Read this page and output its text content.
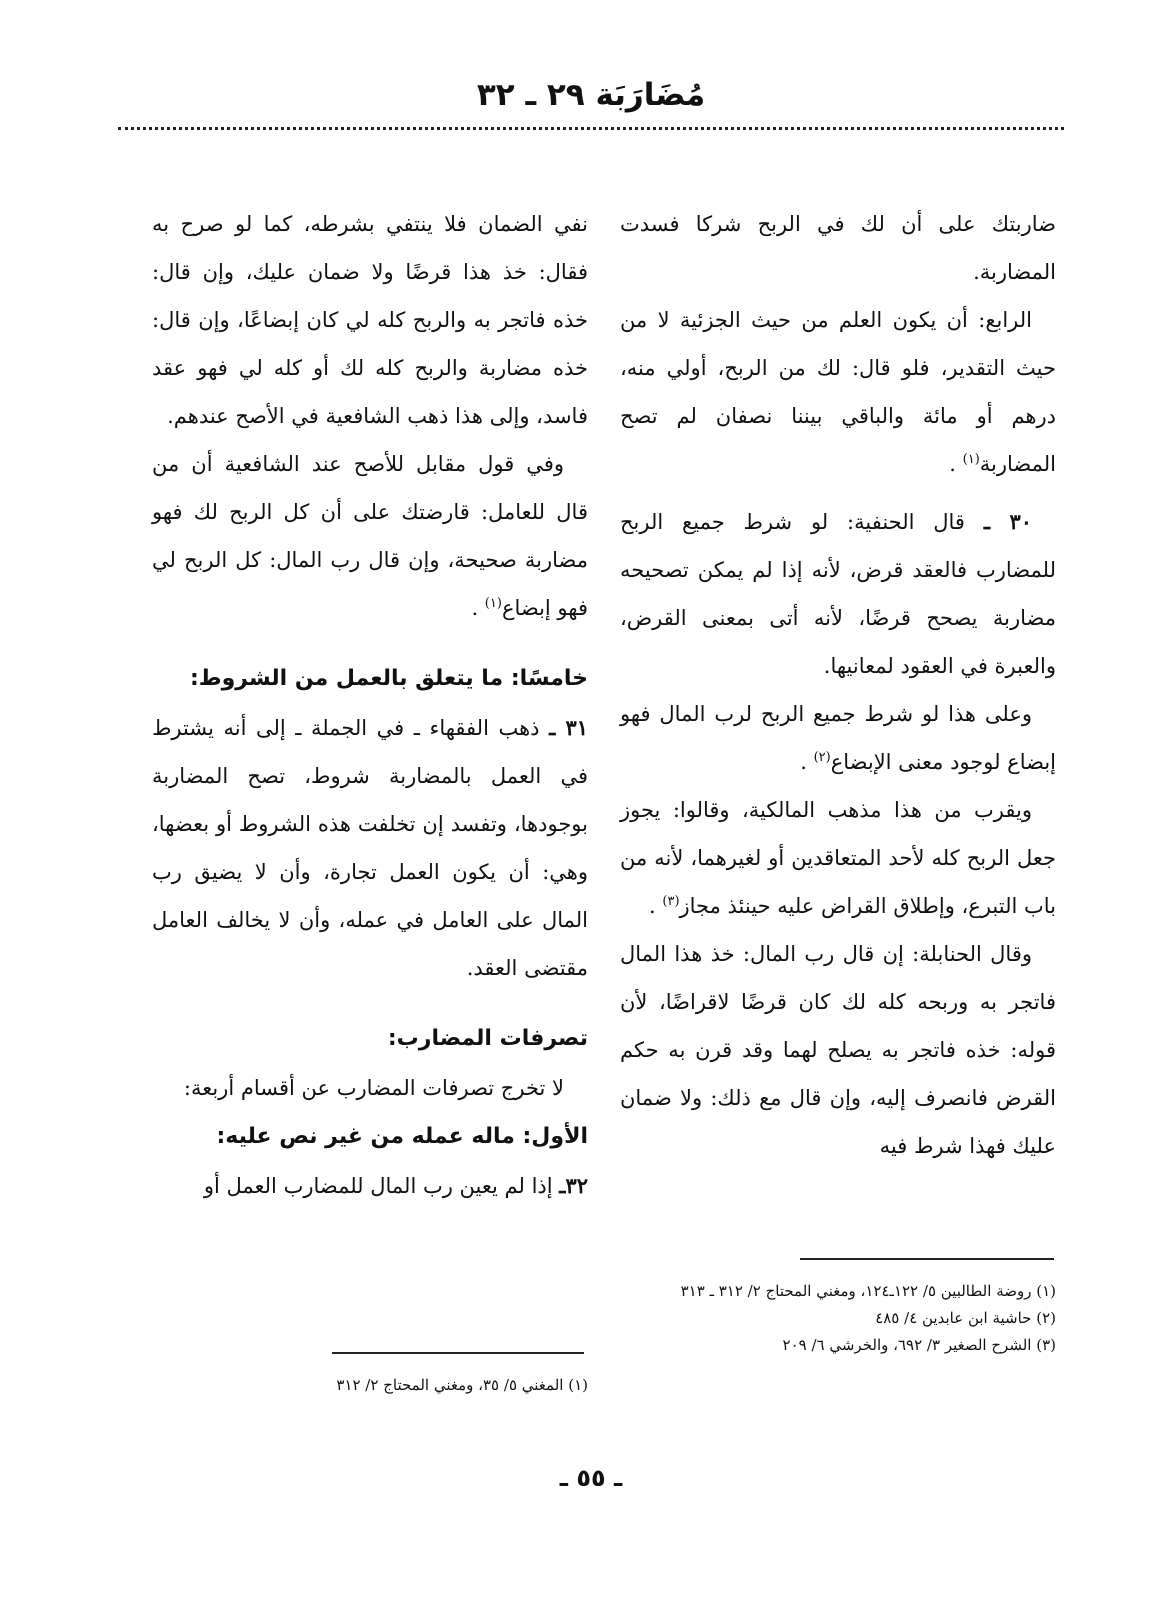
مُضَارَبَة ٢٩ ـ ٣٢

ضاربتك على أن لك في الربح شركا فسدت المضاربة.

الرابع: أن يكون العلم من حيث الجزئية لا من حيث التقدير، فلو قال: لك من الربح، أولي منه، درهم أو مائة والباقي بيننا نصفان لم تصح المضاربة$^{(١)}$ .

٣٠ ـ قال الحنفية: لو شرط جميع الربح للمضارب فالعقد قرض، لأنه إذا لم يمكن تصحيحه مضاربة يصحح قرضًا، لأنه أتى بمعنى القرض، والعبرة في العقود لمعانيها.

وعلى هذا لو شرط جميع الربح لرب المال فهو إبضاع لوجود معنى الإبضاع$^{(٢)}$ .

ويقرب من هذا مذهب المالكية، وقالوا: يجوز جعل الربح كله لأحد المتعاقدين أو لغيرهما، لأنه من باب التبرع، وإطلاق القراض عليه حينئذ مجاز$^{(٣)}$ .

وقال الحنابلة: إن قال رب المال: خذ هذا المال فاتجر به وربحه كله لك كان قرضًا لاقراضًا، لأن قوله: خذه فاتجر به يصلح لهما وقد قرن به حكم القرض فانصرف إليه، وإن قال مع ذلك: ولا ضمان عليك فهذا شرط فيه

نفي الضمان فلا ينتفي بشرطه، كما لو صرح به فقال: خذ هذا قرضًا ولا ضمان عليك، وإن قال: خذه فاتجر به والربح كله لي كان إبضاعًا، وإن قال: خذه مضاربة والربح كله لك أو كله لي فهو عقد فاسد، وإلى هذا ذهب الشافعية في الأصح عندهم.

وفي قول مقابل للأصح عند الشافعية أن من قال للعامل: قارضتك على أن كل الربح لك فهو مضاربة صحيحة، وإن قال رب المال: كل الربح لي فهو إبضاع$^{(١)}$ .

خامسًا: ما يتعلق بالعمل من الشروط:

٣١ ـ ذهب الفقهاء ـ في الجملة ـ إلى أنه يشترط في العمل بالمضاربة شروط، تصح المضاربة بوجودها، وتفسد إن تخلفت هذه الشروط أو بعضها، وهي: أن يكون العمل تجارة، وأن لا يضيق رب المال على العامل في عمله، وأن لا يخالف العامل مقتضى العقد.

تصرفات المضارب:

لا تخرج تصرفات المضارب عن أقسام أربعة:

الأول: ماله عمله من غير نص عليه:

٣٢ـ إذا لم يعين رب المال للمضارب العمل أو

(١) روضة الطالبين ٥/ ١٢٢ـ١٢٤، ومغني المحتاج ٢/ ٣١٢ ـ ٣١٣
(٢) حاشية ابن عابدين ٤/ ٤٨٥
(٣) الشرح الصغير ٣/ ٦٩٢، والخرشي ٦/ ٢٠٩
(١) المغني ٥/ ٣٥، ومغني المحتاج ٢/ ٣١٢
ـ ٥٥ ـ
